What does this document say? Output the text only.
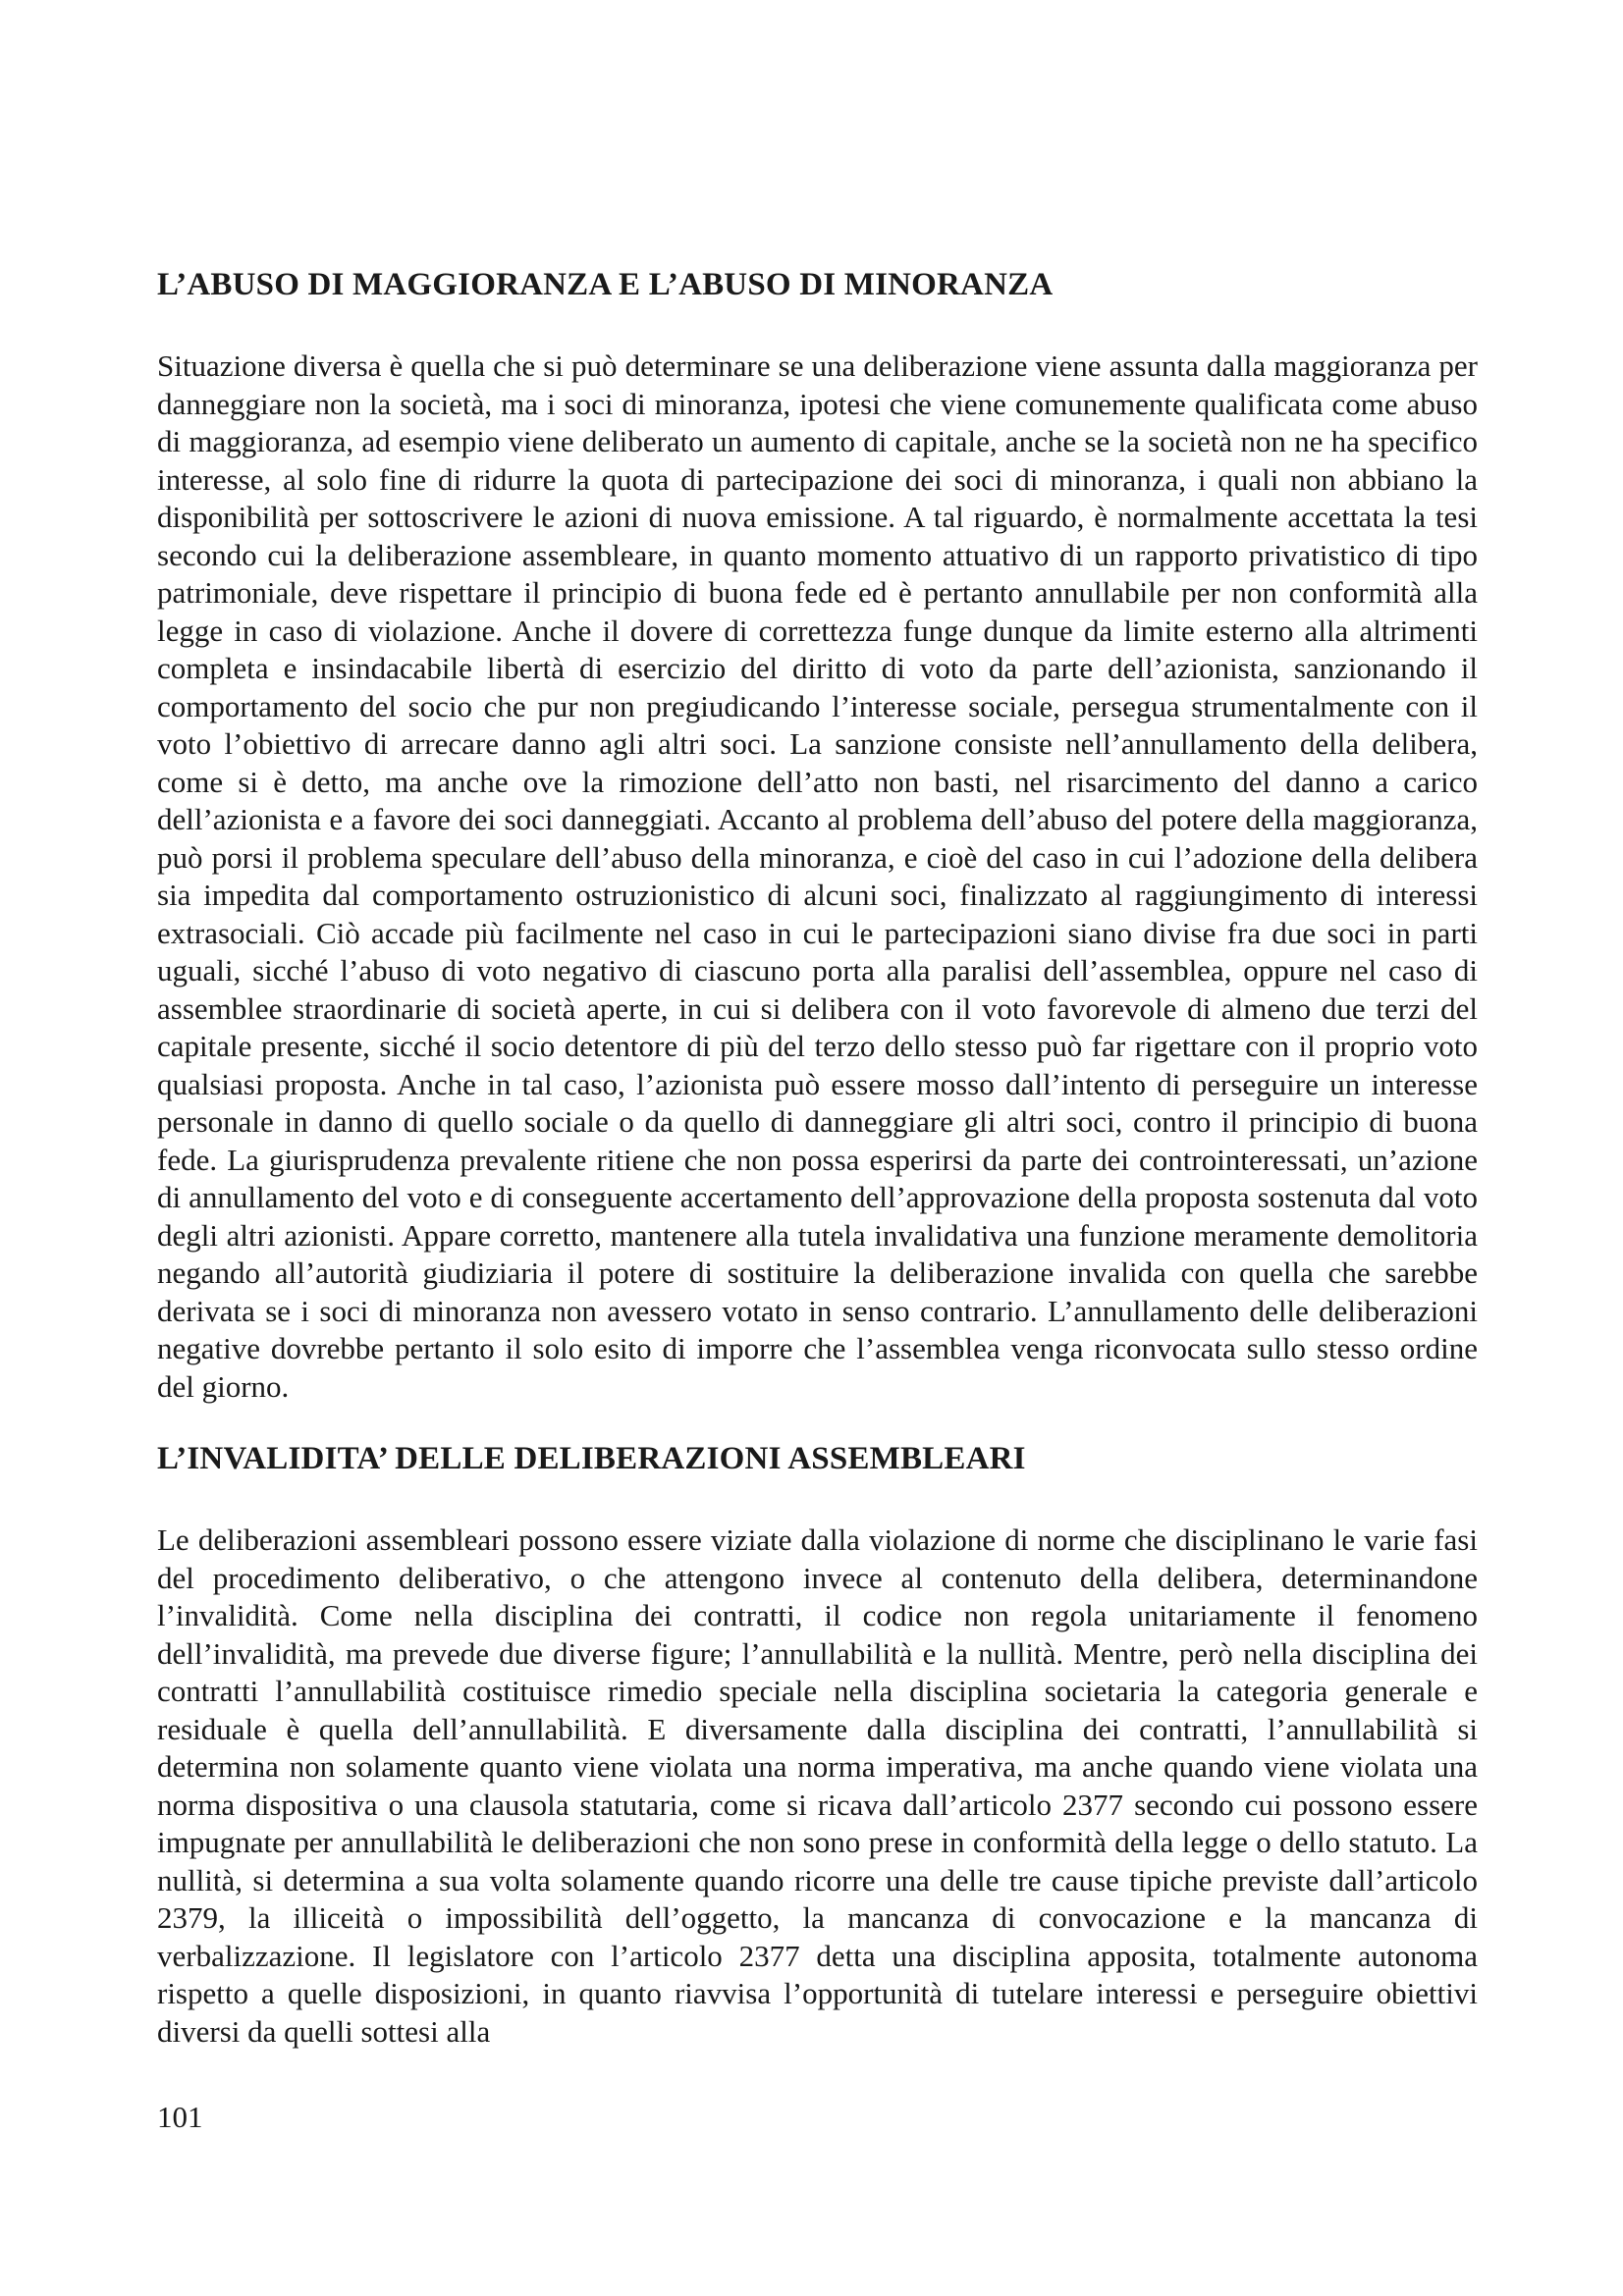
L’ABUSO DI MAGGIORANZA E L’ABUSO DI MINORANZA

Situazione diversa è quella che si può determinare se una deliberazione viene assunta dalla maggioranza per danneggiare non la società, ma i soci di minoranza, ipotesi che viene comunemente qualificata come abuso di maggioranza, ad esempio viene deliberato un aumento di capitale, anche se la società non ne ha specifico interesse, al solo fine di ridurre la quota di partecipazione dei soci di minoranza, i quali non abbiano la disponibilità per sottoscrivere le azioni di nuova emissione. A tal riguardo, è normalmente accettata la tesi secondo cui la deliberazione assembleare, in quanto momento attuativo di un rapporto privatistico di tipo patrimoniale, deve rispettare il principio di buona fede ed è pertanto annullabile per non conformità alla legge in caso di violazione. Anche il dovere di correttezza funge dunque da limite esterno alla altrimenti completa e insindacabile libertà di esercizio del diritto di voto da parte dell’azionista, sanzionando il comportamento del socio che pur non pregiudicando l’interesse sociale, persegua strumentalmente con il voto l’obiettivo di arrecare danno agli altri soci. La sanzione consiste nell’annullamento della delibera, come si è detto, ma anche ove la rimozione dell’atto non basti, nel risarcimento del danno a carico dell’azionista e a favore dei soci danneggiati. Accanto al problema dell’abuso del potere della maggioranza, può porsi il problema speculare dell’abuso della minoranza, e cioè del caso in cui l’adozione della delibera sia impedita dal comportamento ostruzionistico di alcuni soci, finalizzato al raggiungimento di interessi extrasociali. Ciò accade più facilmente nel caso in cui le partecipazioni siano divise fra due soci in parti uguali, sicché l’abuso di voto negativo di ciascuno porta alla paralisi dell’assemblea, oppure nel caso di assemblee straordinarie di società aperte, in cui si delibera con il voto favorevole di almeno due terzi del capitale presente, sicché il socio detentore di più del terzo dello stesso può far rigettare con il proprio voto qualsiasi proposta. Anche in tal caso, l’azionista può essere mosso dall’intento di perseguire un interesse personale in danno di quello sociale o da quello di danneggiare gli altri soci, contro il principio di buona fede. La giurisprudenza prevalente ritiene che non possa esperirsi da parte dei controinteressati, un’azione di annullamento del voto e di conseguente accertamento dell’approvazione della proposta sostenuta dal voto degli altri azionisti. Appare corretto, mantenere alla tutela invalidativa una funzione meramente demolitoria negando all’autorità giudiziaria il potere di sostituire la deliberazione invalida con quella che sarebbe derivata se i soci di minoranza non avessero votato in senso contrario. L’annullamento delle deliberazioni negative dovrebbe pertanto il solo esito di imporre che l’assemblea venga riconvocata sullo stesso ordine del giorno.

L’INVALIDITA’ DELLE DELIBERAZIONI ASSEMBLEARI

Le deliberazioni assembleari possono essere viziate dalla violazione di norme che disciplinano le varie fasi del procedimento deliberativo, o che attengono invece al contenuto della delibera, determinandone l’invalidità. Come nella disciplina dei contratti, il codice non regola unitariamente il fenomeno dell’invalidità, ma prevede due diverse figure; l’annullabilità e la nullità. Mentre, però nella disciplina dei contratti l’annullabilità costituisce rimedio speciale nella disciplina societaria la categoria generale e residuale è quella dell’annullabilità. E diversamente dalla disciplina dei contratti, l’annullabilità si determina non solamente quanto viene violata una norma imperativa, ma anche quando viene violata una norma dispositiva o una clausola statutaria, come si ricava dall’articolo 2377 secondo cui possono essere impugnate per annullabilità le deliberazioni che non sono prese in conformità della legge o dello statuto. La nullità, si determina a sua volta solamente quando ricorre una delle tre cause tipiche previste dall’articolo 2379, la illiceità o impossibilità dell’oggetto, la mancanza di convocazione e la mancanza di verbalizzazione. Il legislatore con l’articolo 2377 detta una disciplina apposita, totalmente autonoma rispetto a quelle disposizioni, in quanto riavvisa l’opportunità di tutelare interessi e perseguire obiettivi diversi da quelli sottesi alla

101
